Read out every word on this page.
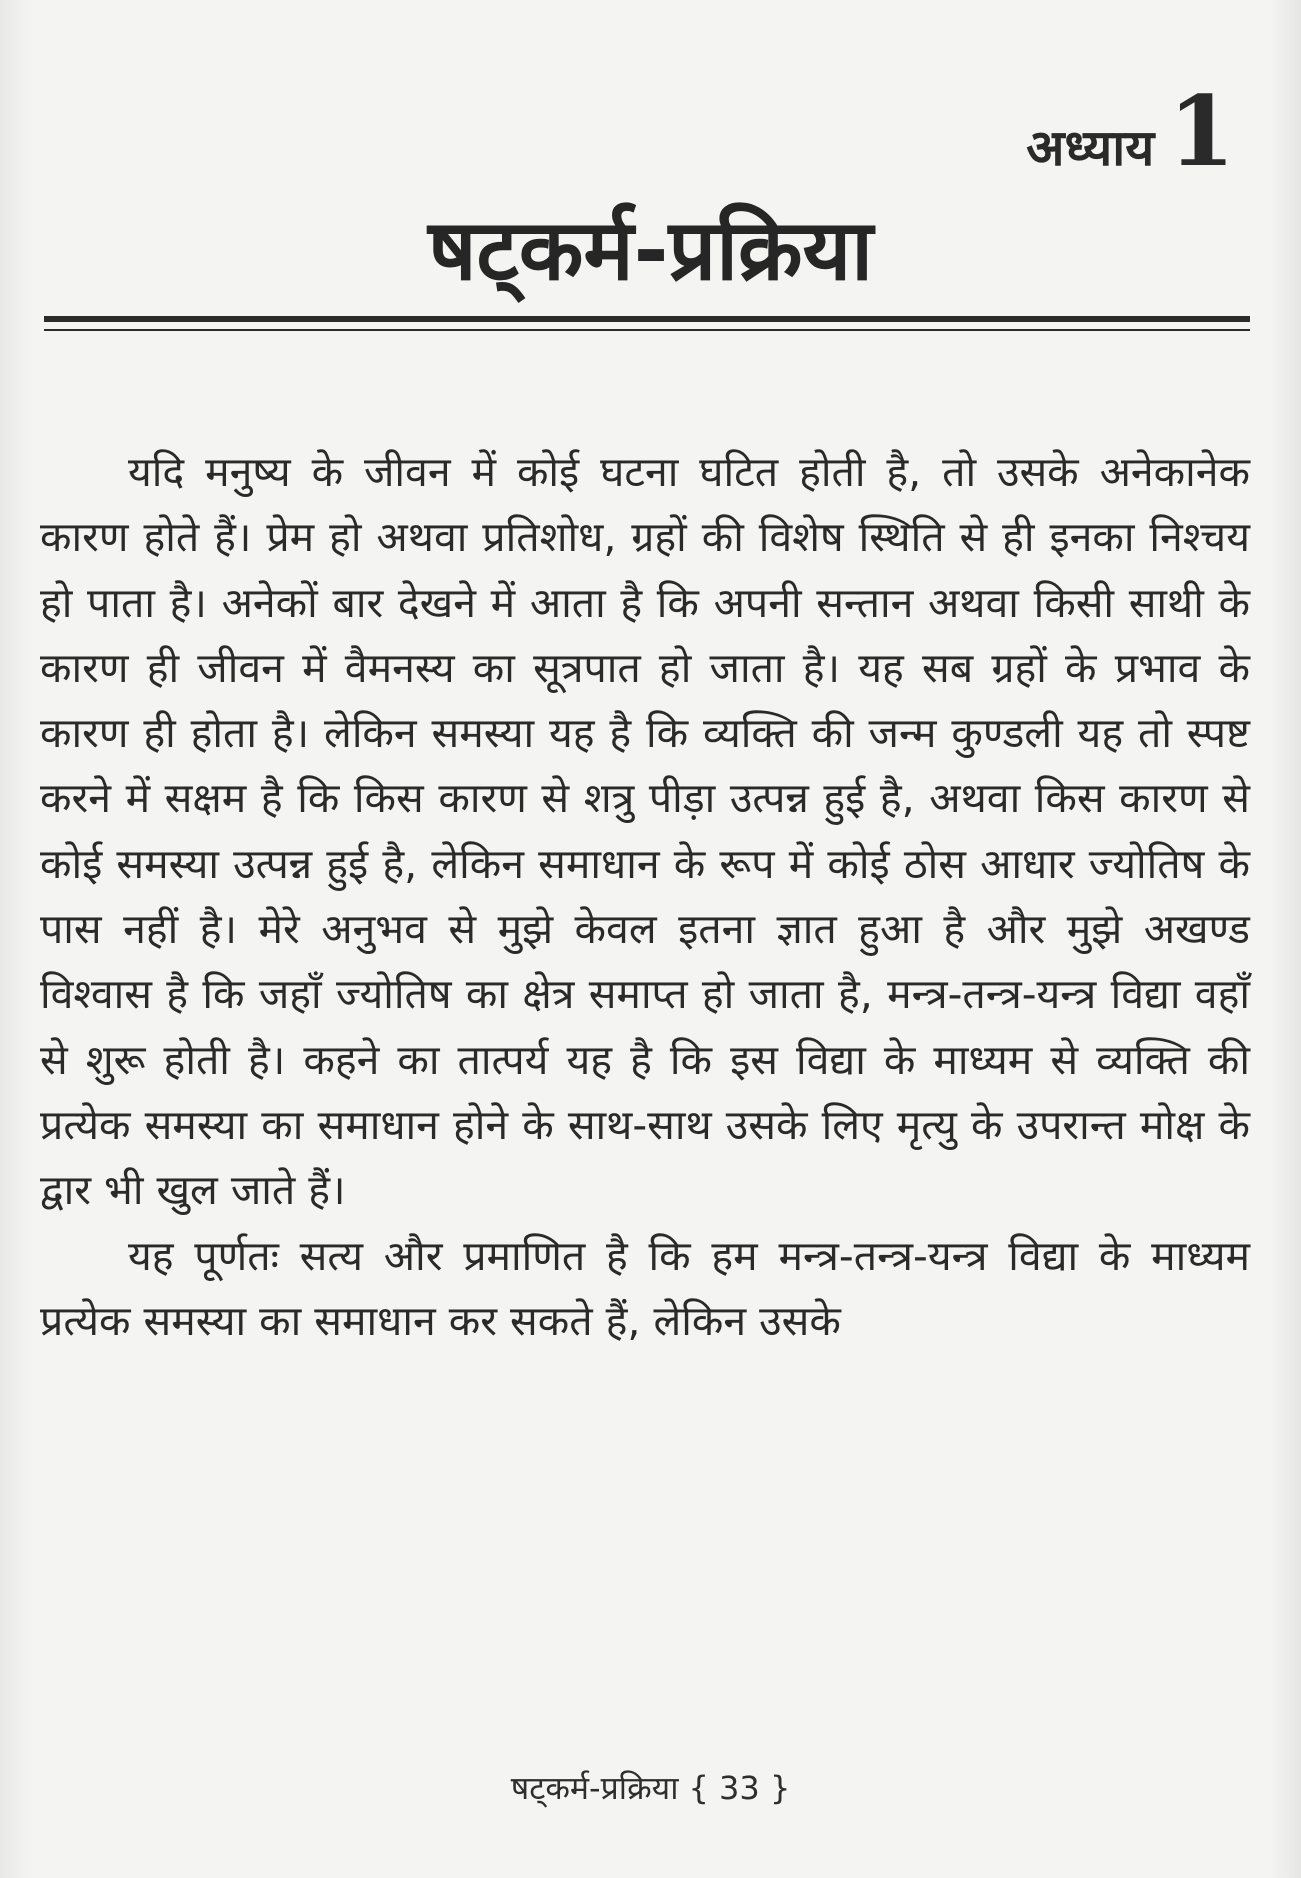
अध्याय 1
षट्कर्म-प्रक्रिया

यदि मनुष्य के जीवन में कोई घटना घटित होती है, तो उसके अनेकानेक कारण होते हैं। प्रेम हो अथवा प्रतिशोध, ग्रहों की विशेष स्थिति से ही इनका निश्चय हो पाता है। अनेकों बार देखने में आता है कि अपनी सन्तान अथवा किसी साथी के कारण ही जीवन में वैमनस्य का सूत्रपात हो जाता है। यह सब ग्रहों के प्रभाव के कारण ही होता है। लेकिन समस्या यह है कि व्यक्ति की जन्म कुण्डली यह तो स्पष्ट करने में सक्षम है कि किस कारण से शत्रु पीड़ा उत्पन्न हुई है, अथवा किस कारण से कोई समस्या उत्पन्न हुई है, लेकिन समाधान के रूप में कोई ठोस आधार ज्योतिष के पास नहीं है। मेरे अनुभव से मुझे केवल इतना ज्ञात हुआ है और मुझे अखण्ड विश्वास है कि जहाँ ज्योतिष का क्षेत्र समाप्त हो जाता है, मन्त्र-तन्त्र-यन्त्र विद्या वहाँ से शुरू होती है। कहने का तात्पर्य यह है कि इस विद्या के माध्यम से व्यक्ति की प्रत्येक समस्या का समाधान होने के साथ-साथ उसके लिए मृत्यु के उपरान्त मोक्ष के द्वार भी खुल जाते हैं।

यह पूर्णतः सत्य और प्रमाणित है कि हम मन्त्र-तन्त्र-यन्त्र विद्या के माध्यम प्रत्येक समस्या का समाधान कर सकते हैं, लेकिन उसके

षट्कर्म-प्रक्रिया { 33 }
